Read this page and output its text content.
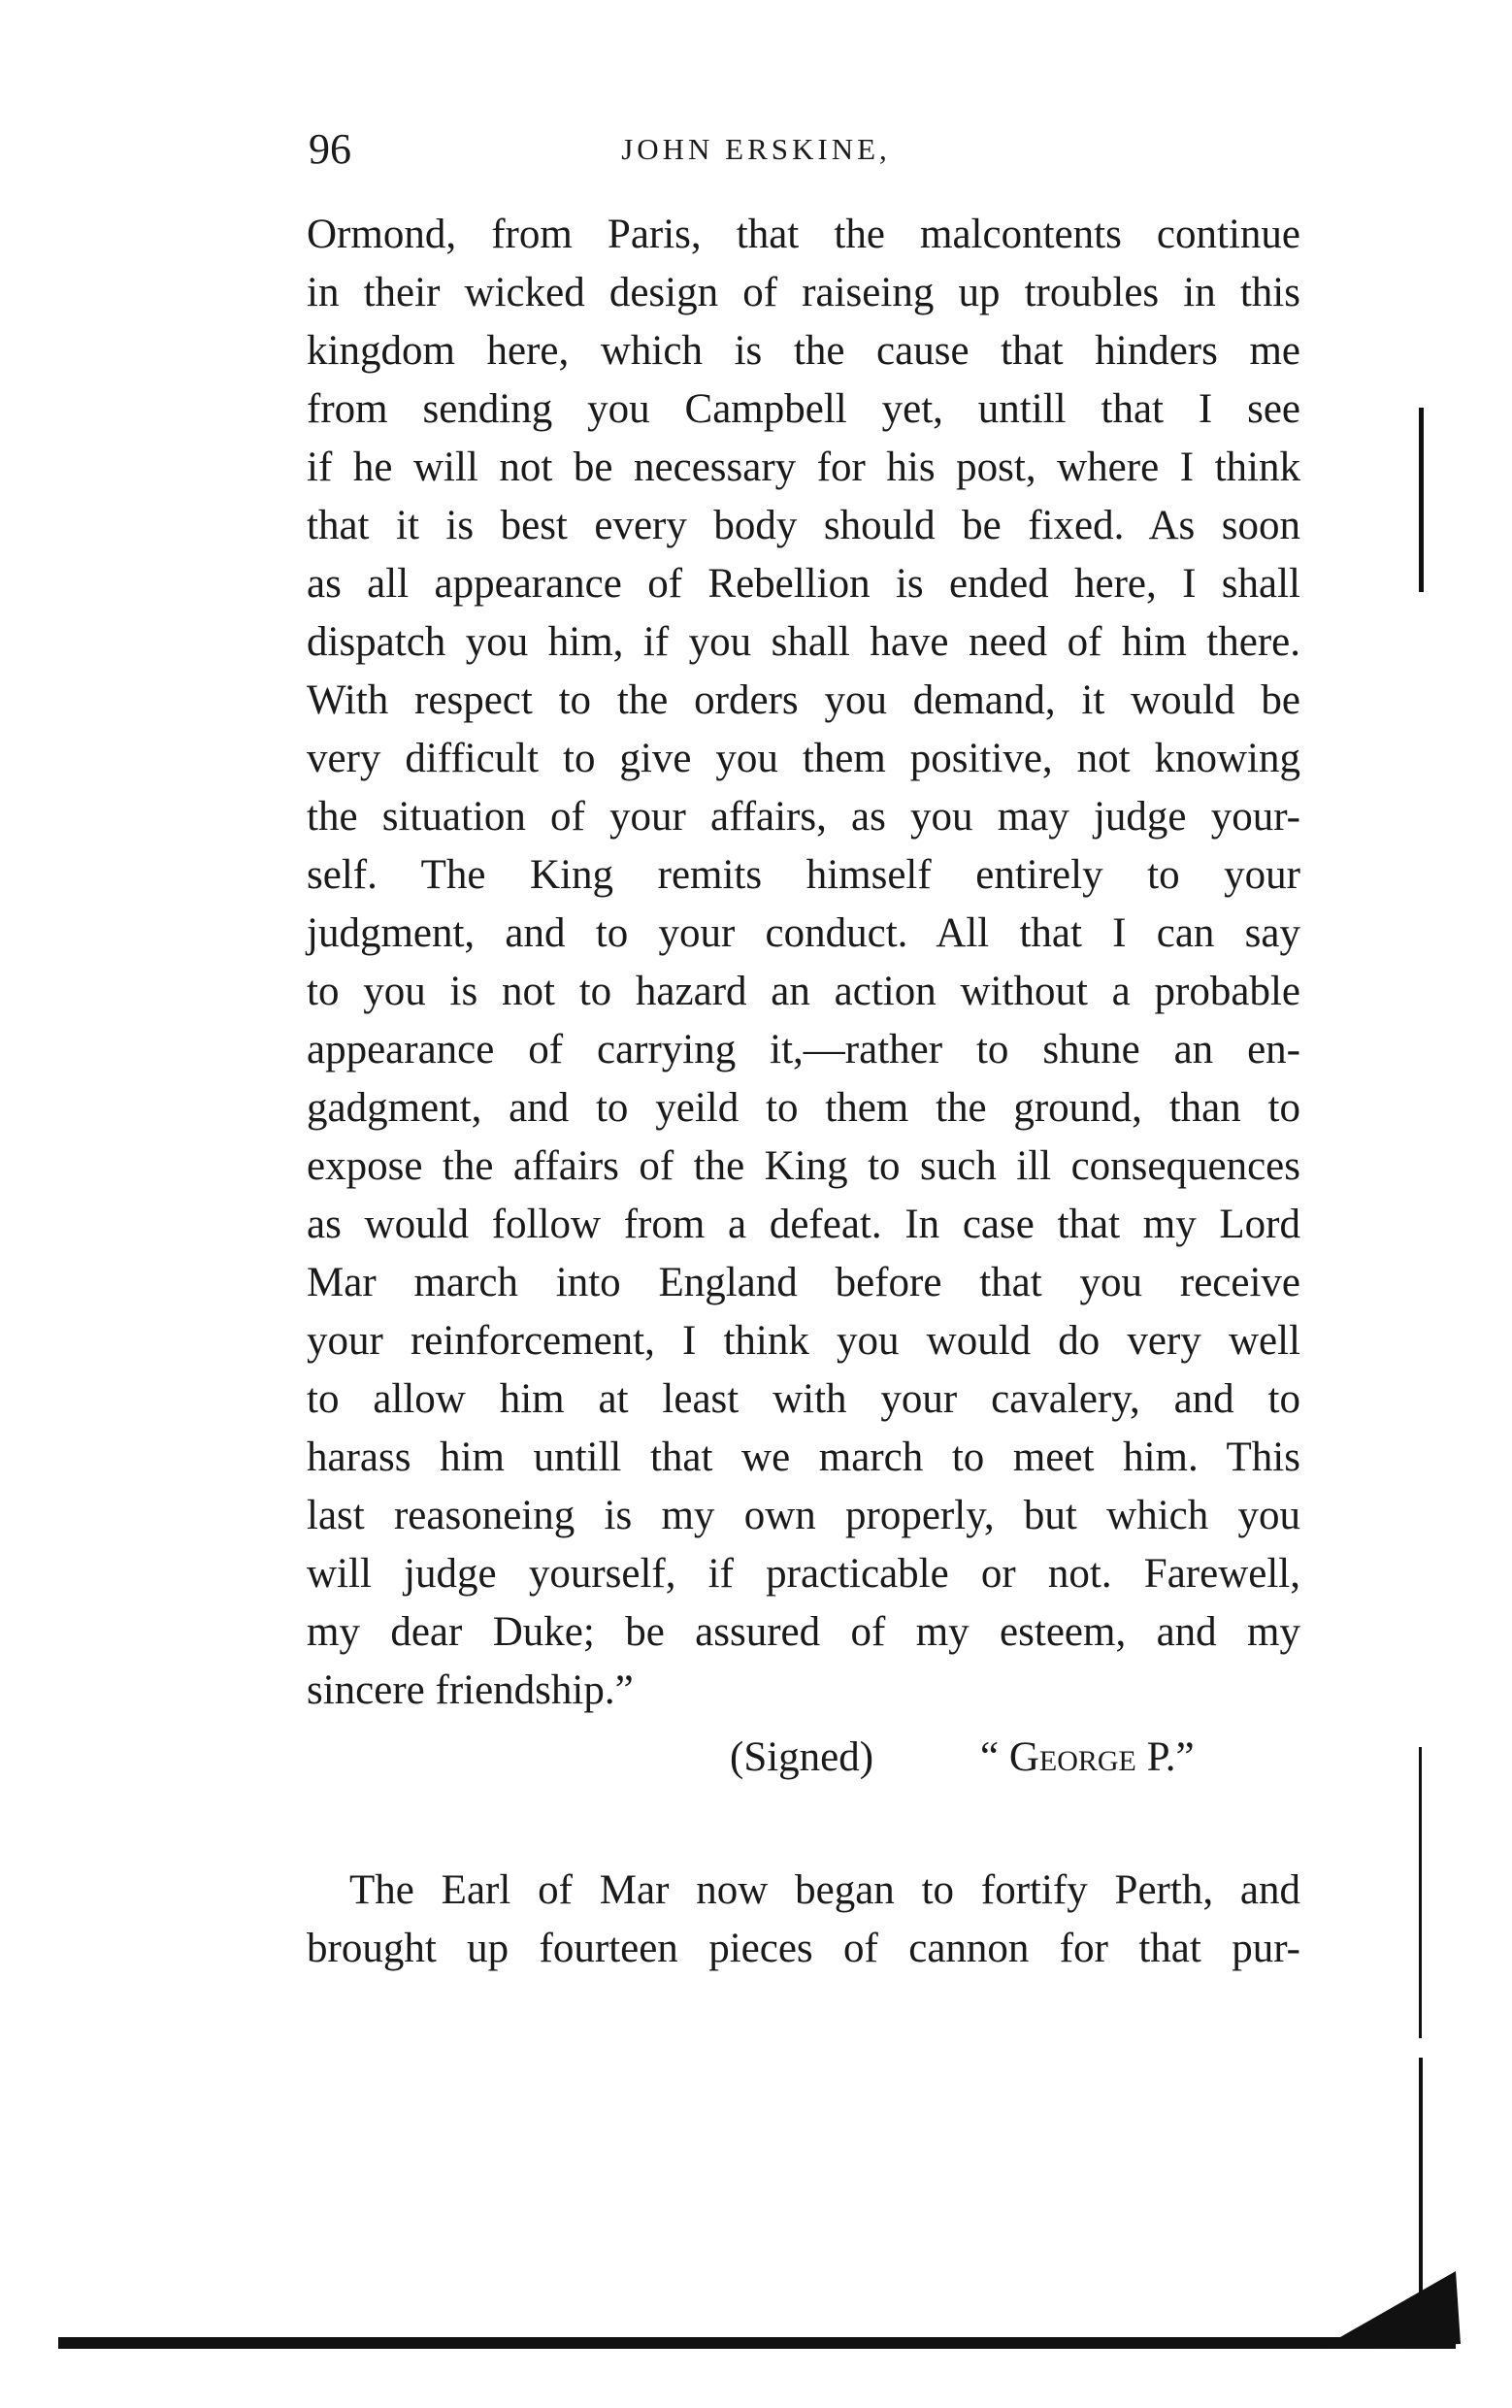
96	JOHN ERSKINE,
Ormond, from Paris, that the malcontents continue
in their wicked design of raiseing up troubles in this
kingdom here, which is the cause that hinders me
from sending you Campbell yet, untill that I see
if he will not be necessary for his post, where I think
that it is best every body should be fixed. As soon
as all appearance of Rebellion is ended here, I shall
dispatch you him, if you shall have need of him there.
With respect to the orders you demand, it would be
very difficult to give you them positive, not knowing
the situation of your affairs, as you may judge your-
self. The King remits himself entirely to your
judgment, and to your conduct. All that I can say
to you is not to hazard an action without a probable
appearance of carrying it,—rather to shune an en-
gadgment, and to yeild to them the ground, than to
expose the affairs of the King to such ill consequences
as would follow from a defeat. In case that my Lord
Mar march into England before that you receive
your reinforcement, I think you would do very well
to allow him at least with your cavalery, and to
harass him untill that we march to meet him. This
last reasoneing is my own properly, but which you
will judge yourself, if practicable or not. Farewell,
my dear Duke; be assured of my esteem, and my
sincere friendship.”
(Signed)	“ George P.”
The Earl of Mar now began to fortify Perth, and
brought up fourteen pieces of cannon for that pur-
